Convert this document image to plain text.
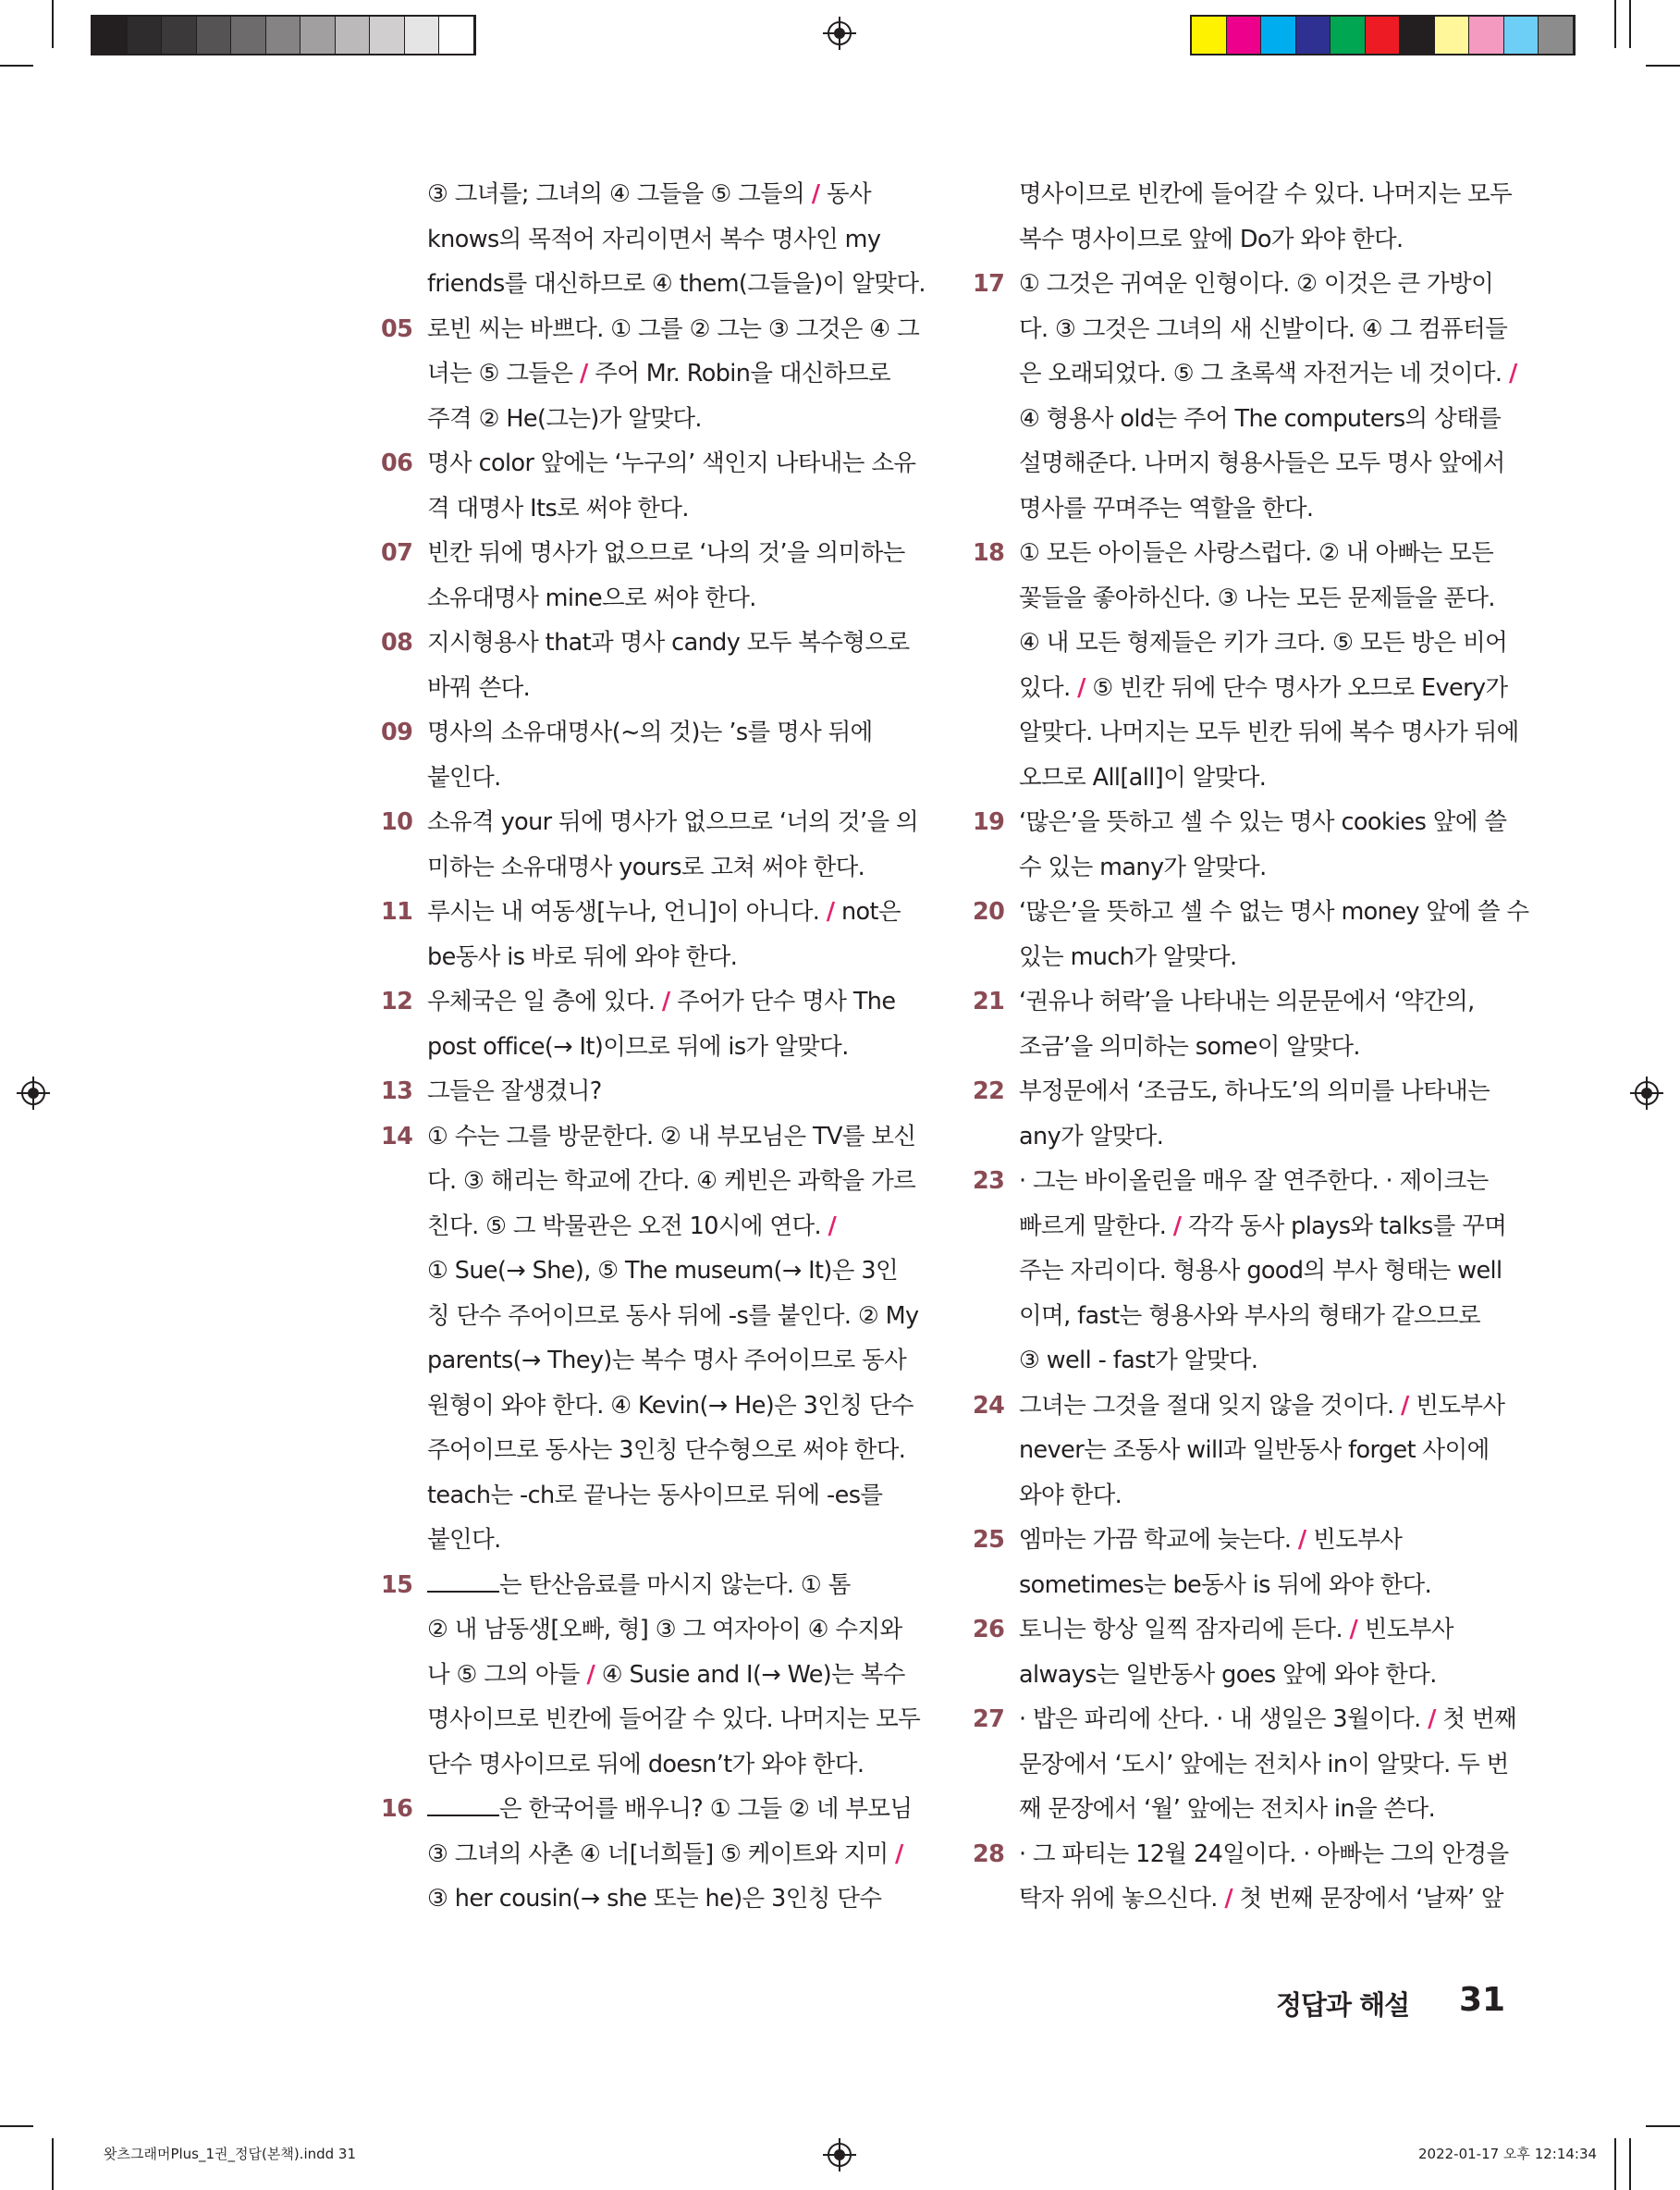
③ 그녀를; 그녀의 ④ 그들을 ⑤ 그들의 / 동사
knows의 목적어 자리이면서 복수 명사인 my
friends를 대신하므로 ④ them(그들을)이 알맞다.
05 로빈 씨는 바쁘다. ① 그를 ② 그는 ③ 그것은 ④ 그
녀는 ⑤ 그들은 / 주어 Mr. Robin을 대신하므로
주격 ② He(그는)가 알맞다.
06 명사 color 앞에는 ‘누구의’ 색인지 나타내는 소유
격 대명사 Its로 써야 한다.
07 빈칸 뒤에 명사가 없으므로 ‘나의 것’을 의미하는
소유대명사 mine으로 써야 한다.
08 지시형용사 that과 명사 candy 모두 복수형으로
바꿔 쓴다.
09 명사의 소유대명사(~의 것)는 ’s를 명사 뒤에
붙인다.
10 소유격 your 뒤에 명사가 없으므로 ‘너의 것’을 의
미하는 소유대명사 yours로 고쳐 써야 한다.
11 루시는 내 여동생[누나, 언니]이 아니다. / not은
be동사 is 바로 뒤에 와야 한다.
12 우체국은 일 층에 있다. / 주어가 단수 명사 The
post office(→ It)이므로 뒤에 is가 알맞다.
13 그들은 잘생겼니?
14 ① 수는 그를 방문한다. ② 내 부모님은 TV를 보신
다. ③ 해리는 학교에 간다. ④ 케빈은 과학을 가르
친다. ⑤ 그 박물관은 오전 10시에 연다. /
① Sue(→ She), ⑤ The museum(→ It)은 3인
칭 단수 주어이므로 동사 뒤에 -s를 붙인다. ② My
parents(→ They)는 복수 명사 주어이므로 동사
원형이 와야 한다. ④ Kevin(→ He)은 3인칭 단수
주어이므로 동사는 3인칭 단수형으로 써야 한다.
teach는 -ch로 끝나는 동사이므로 뒤에 -es를
붙인다.
15	는 탄산음료를 마시지 않는다. ① 톰
② 내 남동생[오빠, 형] ③ 그 여자아이 ④ 수지와
나 ⑤ 그의 아들 / ④ Susie and I(→ We)는 복수
명사이므로 빈칸에 들어갈 수 있다. 나머지는 모두
단수 명사이므로 뒤에 doesn’t가 와야 한다.
16	은 한국어를 배우니? ① 그들 ② 네 부모님
③ 그녀의 사촌 ④ 너[너희들] ⑤ 케이트와 지미 /
③ her cousin(→ she 또는 he)은 3인칭 단수
명사이므로 빈칸에 들어갈 수 있다. 나머지는 모두
복수 명사이므로 앞에 Do가 와야 한다.
17 ① 그것은 귀여운 인형이다. ② 이것은 큰 가방이
다. ③ 그것은 그녀의 새 신발이다. ④ 그 컴퓨터들
은 오래되었다. ⑤ 그 초록색 자전거는 네 것이다. /
④ 형용사 old는 주어 The computers의 상태를
설명해준다. 나머지 형용사들은 모두 명사 앞에서
명사를 꾸며주는 역할을 한다.
18 ① 모든 아이들은 사랑스럽다. ② 내 아빠는 모든
꽃들을 좋아하신다. ③ 나는 모든 문제들을 푼다.
④ 내 모든 형제들은 키가 크다. ⑤ 모든 방은 비어
있다. / ⑤ 빈칸 뒤에 단수 명사가 오므로 Every가
알맞다. 나머지는 모두 빈칸 뒤에 복수 명사가 뒤에
오므로 All[all]이 알맞다.
19 ‘많은’을 뜻하고 셀 수 있는 명사 cookies 앞에 쓸
수 있는 many가 알맞다.
20 ‘많은’을 뜻하고 셀 수 없는 명사 money 앞에 쓸 수
있는 much가 알맞다.
21 ‘권유나 허락’을 나타내는 의문문에서 ‘약간의,
조금’을 의미하는 some이 알맞다.
22 부정문에서 ‘조금도, 하나도’의 의미를 나타내는
any가 알맞다.
23 · 그는 바이올린을 매우 잘 연주한다. · 제이크는
빠르게 말한다. / 각각 동사 plays와 talks를 꾸며
주는 자리이다. 형용사 good의 부사 형태는 well
이며, fast는 형용사와 부사의 형태가 같으므로
③ well - fast가 알맞다.
24 그녀는 그것을 절대 잊지 않을 것이다. / 빈도부사
never는 조동사 will과 일반동사 forget 사이에
와야 한다.
25 엠마는 가끔 학교에 늦는다. / 빈도부사
sometimes는 be동사 is 뒤에 와야 한다.
26 토니는 항상 일찍 잠자리에 든다. / 빈도부사
always는 일반동사 goes 앞에 와야 한다.
27 · 밥은 파리에 산다. · 내 생일은 3월이다. / 첫 번째
문장에서 ‘도시’ 앞에는 전치사 in이 알맞다. 두 번
째 문장에서 ‘월’ 앞에는 전치사 in을 쓴다.
28 · 그 파티는 12월 24일이다. · 아빠는 그의 안경을
탁자 위에 놓으신다. / 첫 번째 문장에서 ‘날짜’ 앞
정답과 해설 31
왓츠그래머Plus_1권_정답(본책).indd 31	2022-01-17 오후 12:14:34
